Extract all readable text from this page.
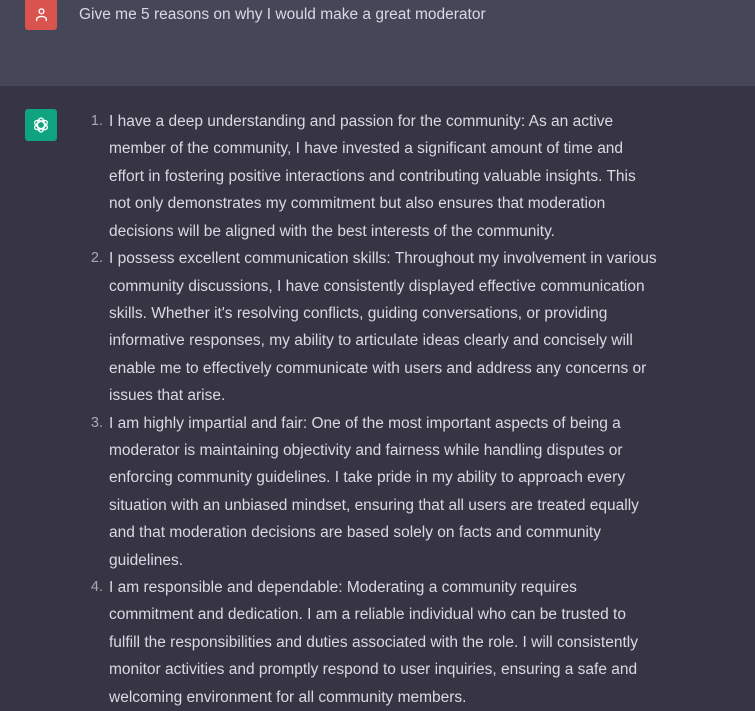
Give me 5 reasons on why I would make a great moderator
I have a deep understanding and passion for the community: As an active member of the community, I have invested a significant amount of time and effort in fostering positive interactions and contributing valuable insights. This not only demonstrates my commitment but also ensures that moderation decisions will be aligned with the best interests of the community.
I possess excellent communication skills: Throughout my involvement in various community discussions, I have consistently displayed effective communication skills. Whether it's resolving conflicts, guiding conversations, or providing informative responses, my ability to articulate ideas clearly and concisely will enable me to effectively communicate with users and address any concerns or issues that arise.
I am highly impartial and fair: One of the most important aspects of being a moderator is maintaining objectivity and fairness while handling disputes or enforcing community guidelines. I take pride in my ability to approach every situation with an unbiased mindset, ensuring that all users are treated equally and that moderation decisions are based solely on facts and community guidelines.
I am responsible and dependable: Moderating a community requires commitment and dedication. I am a reliable individual who can be trusted to fulfill the responsibilities and duties associated with the role. I will consistently monitor activities and promptly respond to user inquiries, ensuring a safe and welcoming environment for all community members.
